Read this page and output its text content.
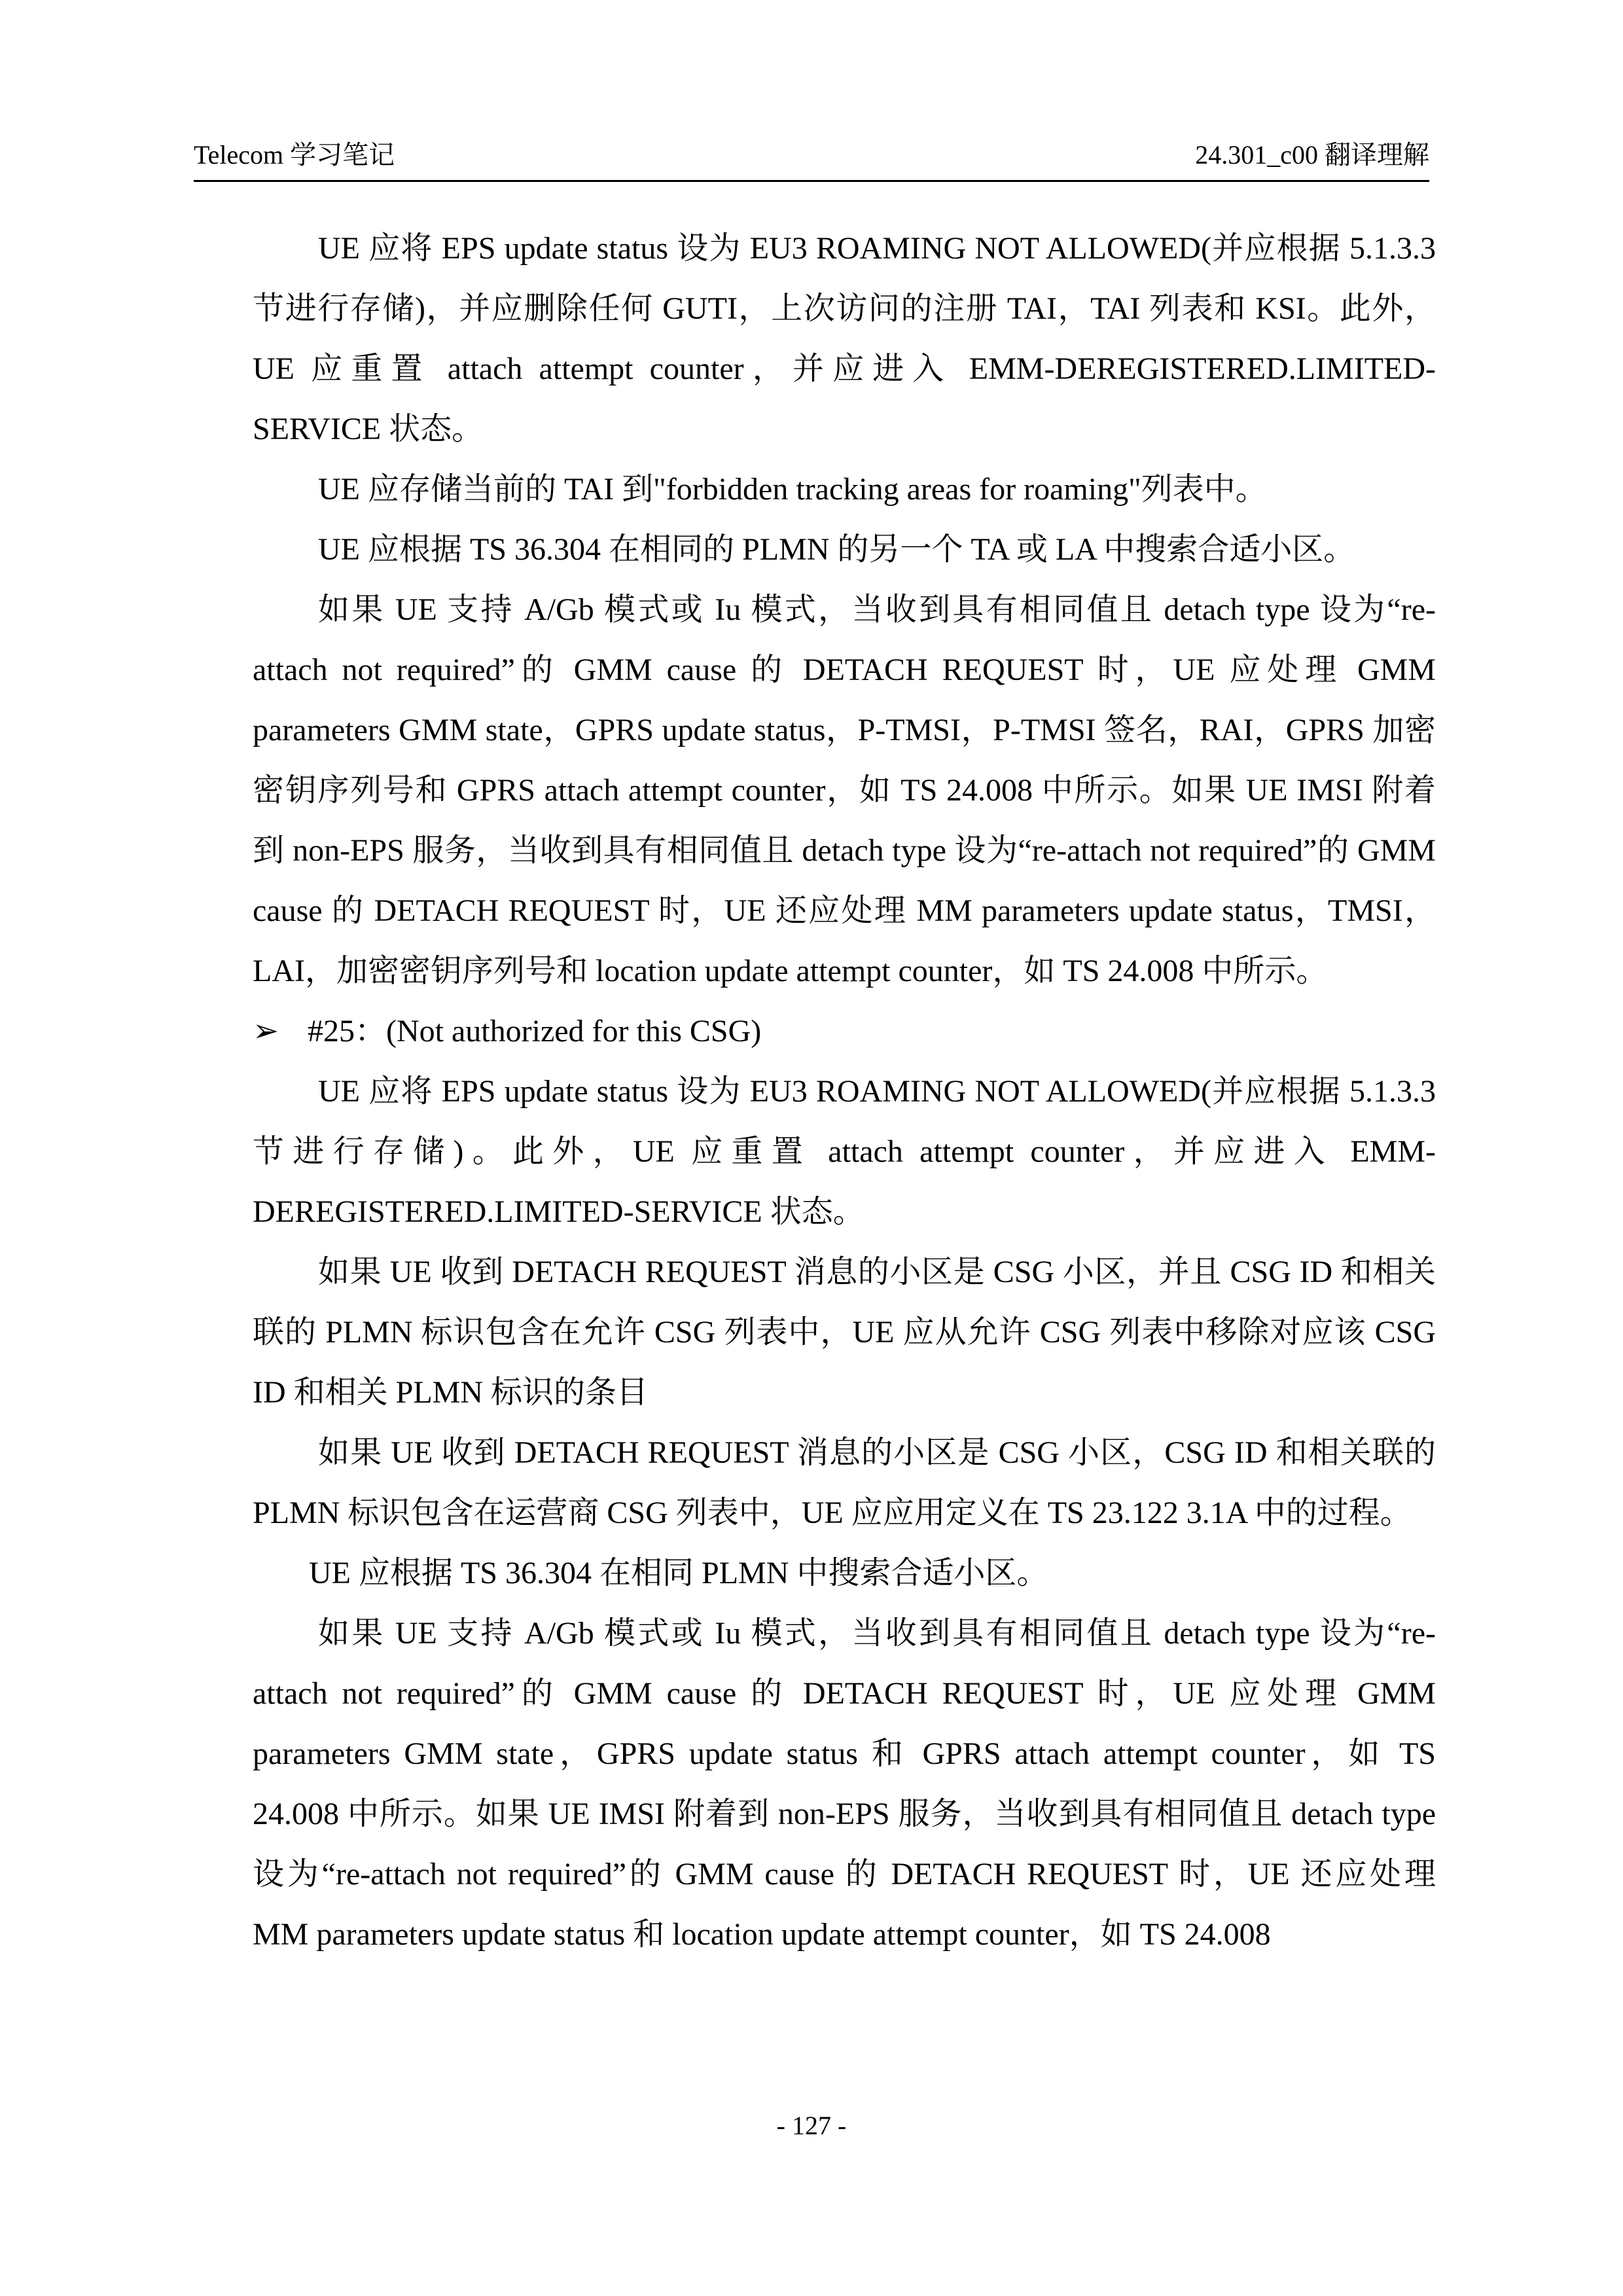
Telecom 学习笔记	24.301_c00 翻译理解

UE 应将 EPS update status 设为 EU3 ROAMING NOT ALLOWED(并应根据 5.1.3.3 节进行存储)，并应删除任何 GUTI，上次访问的注册 TAI，TAI 列表和 KSI。此外，UE 应重置 attach attempt counter，并应进入 EMM-DEREGISTERED.LIMITED-SERVICE 状态。

UE 应存储当前的 TAI 到"forbidden tracking areas for roaming"列表中。

UE 应根据 TS 36.304 在相同的 PLMN 的另一个 TA 或 LA 中搜索合适小区。

如果 UE 支持 A/Gb 模式或 Iu 模式，当收到具有相同值且 detach type 设为“re-attach not required”的 GMM cause 的 DETACH REQUEST 时，UE 应处理 GMM parameters GMM state，GPRS update status，P-TMSI，P-TMSI 签名，RAI，GPRS 加密密钥序列号和 GPRS attach attempt counter，如 TS 24.008 中所示。如果 UE IMSI 附着到 non-EPS 服务，当收到具有相同值且 detach type 设为“re-attach not required”的 GMM cause 的 DETACH REQUEST 时，UE 还应处理 MM parameters update status，TMSI，LAI，加密密钥序列号和 location update attempt counter，如 TS 24.008 中所示。

➢ #25：(Not authorized for this CSG)

UE 应将 EPS update status 设为 EU3 ROAMING NOT ALLOWED(并应根据 5.1.3.3 节进行存储)。此外，UE 应重置 attach attempt counter，并应进入 EMM-DEREGISTERED.LIMITED-SERVICE 状态。

如果 UE 收到 DETACH REQUEST 消息的小区是 CSG 小区，并且 CSG ID 和相关联的 PLMN 标识包含在允许 CSG 列表中，UE 应从允许 CSG 列表中移除对应该 CSG ID 和相关 PLMN 标识的条目

如果 UE 收到 DETACH REQUEST 消息的小区是 CSG 小区，CSG ID 和相关联的 PLMN 标识包含在运营商 CSG 列表中，UE 应应用定义在 TS 23.122 3.1A 中的过程。

UE 应根据 TS 36.304 在相同 PLMN 中搜索合适小区。

如果 UE 支持 A/Gb 模式或 Iu 模式，当收到具有相同值且 detach type 设为“re-attach not required”的 GMM cause 的 DETACH REQUEST 时，UE 应处理 GMM parameters GMM state，GPRS update status 和 GPRS attach attempt counter，如 TS 24.008 中所示。如果 UE IMSI 附着到 non-EPS 服务，当收到具有相同值且 detach type 设为“re-attach not required”的 GMM cause 的 DETACH REQUEST 时，UE 还应处理 MM parameters update status 和 location update attempt counter，如 TS 24.008

- 127 -
